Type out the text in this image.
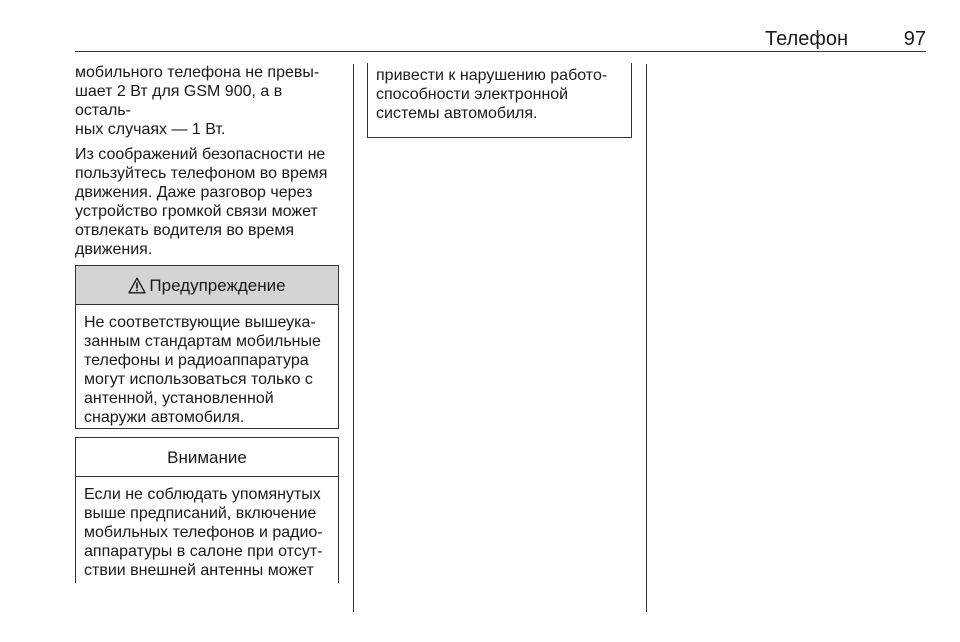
Телефон	97

мобильного телефона не превы-
шает 2 Вт для GSM 900, а в осталь-
ных случаях — 1 Вт.

Из соображений безопасности не
пользуйтесь телефоном во время
движения. Даже разговор через
устройство громкой связи может
отвлекать водителя во время
движения.

Предупреждение
Не соответствующие вышеука-
занным стандартам мобильные
телефоны и радиоаппаратура
могут использоваться только с
антенной, установленной
снаружи автомобиля.
Внимание
Если не соблюдать упомянутых
выше предписаний, включение
мобильных телефонов и радио-
аппаратуры в салоне при отсут-
ствии внешней антенны может
привести к нарушению работо-
способности электронной
системы автомобиля.
